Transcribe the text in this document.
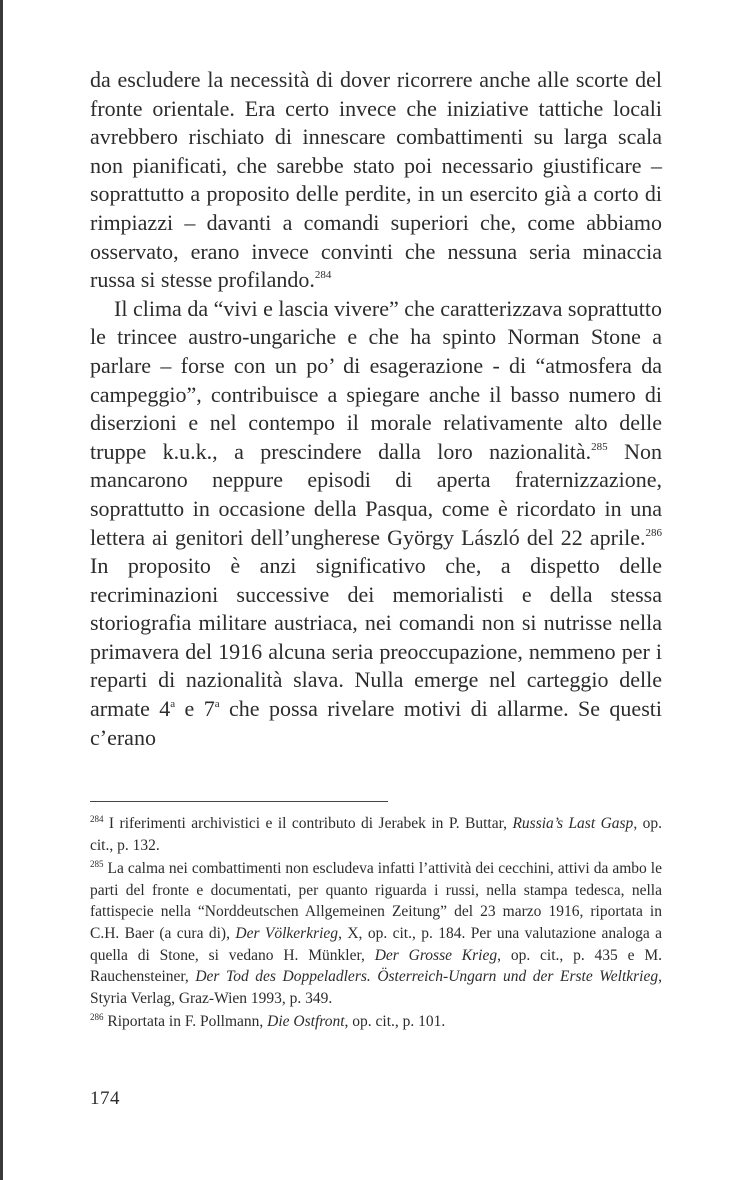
da escludere la necessità di dover ricorrere anche alle scorte del fronte orientale. Era certo invece che iniziative tattiche locali avrebbero rischiato di innescare combattimenti su larga scala non pianificati, che sarebbe stato poi necessario giustificare – soprattutto a proposito delle perdite, in un esercito già a corto di rimpiazzi – davanti a comandi superiori che, come abbiamo osservato, erano invece convinti che nessuna seria minaccia russa si stesse profilando.$^{284}$

Il clima da “vivi e lascia vivere” che caratterizzava soprattutto le trincee austro-ungariche e che ha spinto Norman Stone a parlare – forse con un po’ di esagerazione - di “atmosfera da campeggio”, contribuisce a spiegare anche il basso numero di diserzioni e nel contempo il morale relativamente alto delle truppe k.u.k., a prescindere dalla loro nazionalità.$^{285}$ Non mancarono neppure episodi di aperta fraternizzazione, soprattutto in occasione della Pasqua, come è ricordato in una lettera ai genitori dell’ungherese György László del 22 aprile.$^{286}$ In proposito è anzi significativo che, a dispetto delle recriminazioni successive dei memorialisti e della stessa storiografia militare austriaca, nei comandi non si nutrisse nella primavera del 1916 alcuna seria preoccupazione, nemmeno per i reparti di nazionalità slava. Nulla emerge nel carteggio delle armate 4$^a$ e 7$^a$ che possa rivelare motivi di allarme. Se questi c’erano

$^{284}$ I riferimenti archivistici e il contributo di Jerabek in P. Buttar, Russia’s Last Gasp, op. cit., p. 132.

$^{285}$ La calma nei combattimenti non escludeva infatti l’attività dei cecchini, attivi da ambo le parti del fronte e documentati, per quanto riguarda i russi, nella stampa tedesca, nella fattispecie nella “Norddeutschen Allgemeinen Zeitung” del 23 marzo 1916, riportata in C.H. Baer (a cura di), Der Völkerkrieg, X, op. cit., p. 184. Per una valutazione analoga a quella di Stone, si vedano H. Münkler, Der Grosse Krieg, op. cit., p. 435 e M. Rauchensteiner, Der Tod des Doppeladlers. Österreich-Ungarn und der Erste Weltkrieg, Styria Verlag, Graz-Wien 1993, p. 349.

$^{286}$ Riportata in F. Pollmann, Die Ostfront, op. cit., p. 101.

174
